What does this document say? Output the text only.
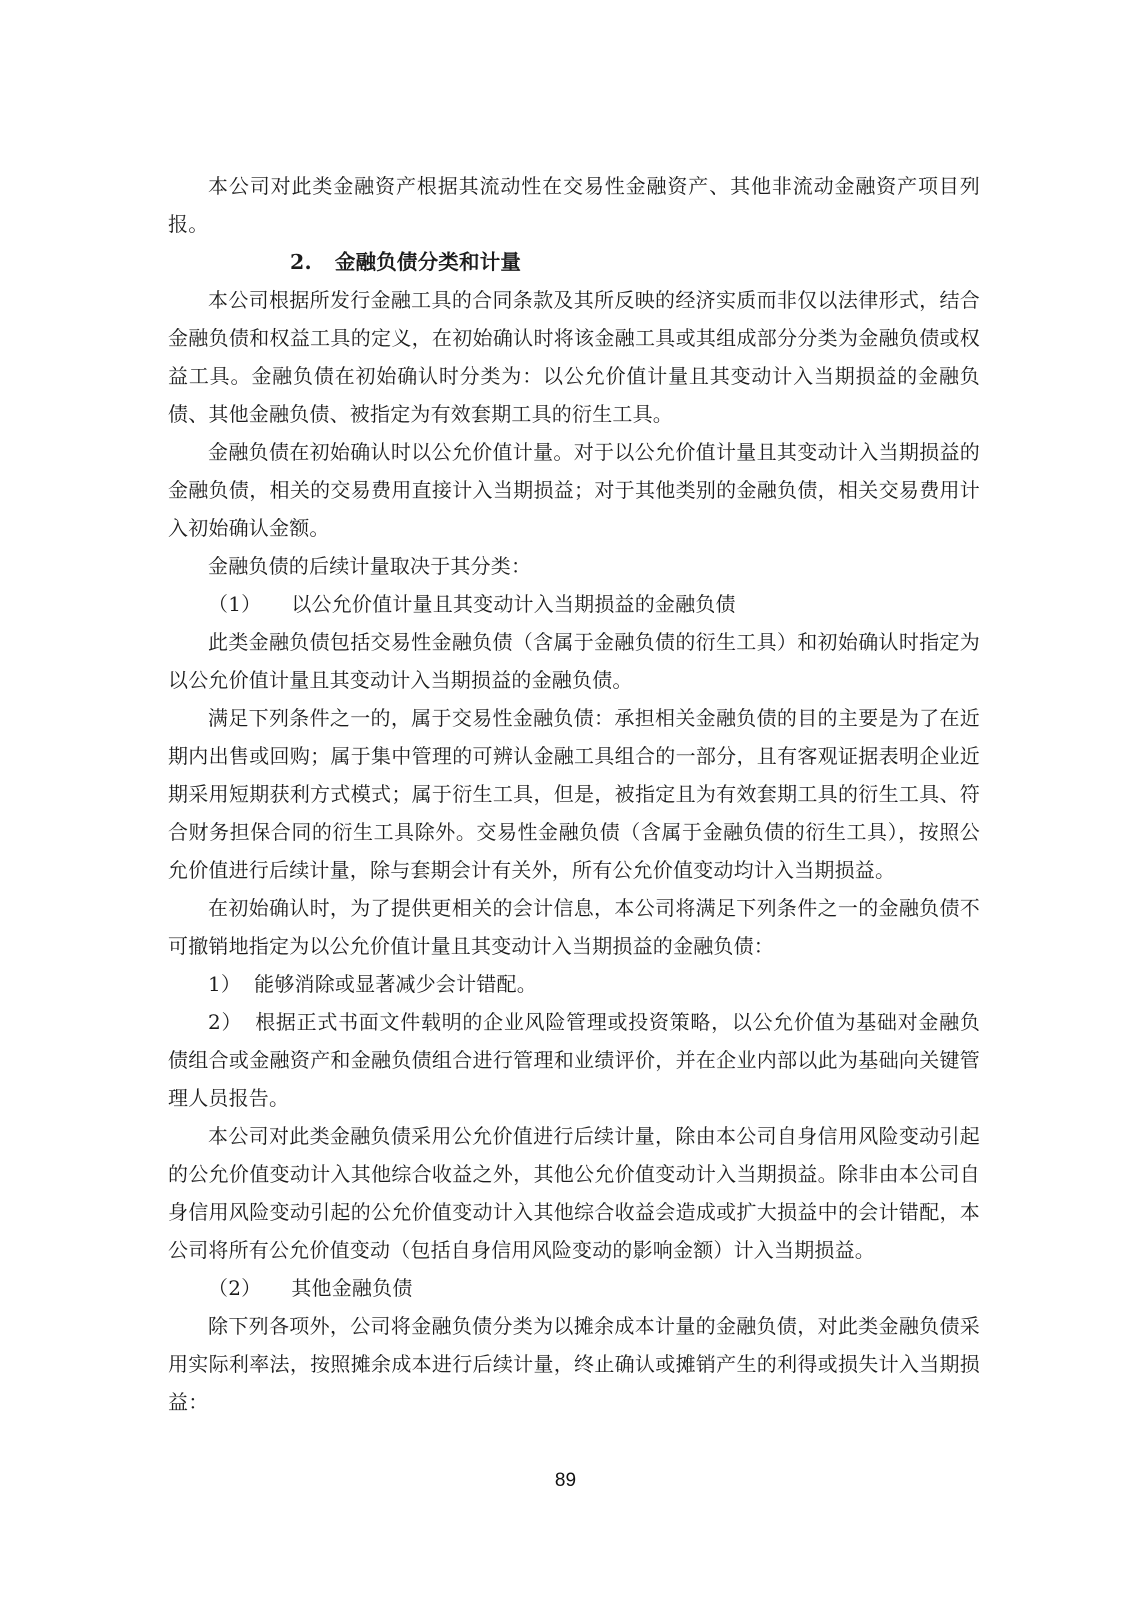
本公司对此类金融资产根据其流动性在交易性金融资产、其他非流动金融资产项目列报。

2. 金融负债分类和计量

本公司根据所发行金融工具的合同条款及其所反映的经济实质而非仅以法律形式，结合金融负债和权益工具的定义，在初始确认时将该金融工具或其组成部分分类为金融负债或权益工具。金融负债在初始确认时分类为：以公允价值计量且其变动计入当期损益的金融负债、其他金融负债、被指定为有效套期工具的衍生工具。

金融负债在初始确认时以公允价值计量。对于以公允价值计量且其变动计入当期损益的金融负债，相关的交易费用直接计入当期损益；对于其他类别的金融负债，相关交易费用计入初始确认金额。

金融负债的后续计量取决于其分类：

（1） 以公允价值计量且其变动计入当期损益的金融负债

此类金融负债包括交易性金融负债（含属于金融负债的衍生工具）和初始确认时指定为以公允价值计量且其变动计入当期损益的金融负债。

满足下列条件之一的，属于交易性金融负债：承担相关金融负债的目的主要是为了在近期内出售或回购；属于集中管理的可辨认金融工具组合的一部分，且有客观证据表明企业近期采用短期获利方式模式；属于衍生工具，但是，被指定且为有效套期工具的衍生工具、符合财务担保合同的衍生工具除外。交易性金融负债（含属于金融负债的衍生工具），按照公允价值进行后续计量，除与套期会计有关外，所有公允价值变动均计入当期损益。

在初始确认时，为了提供更相关的会计信息，本公司将满足下列条件之一的金融负债不可撤销地指定为以公允价值计量且其变动计入当期损益的金融负债：

1） 能够消除或显著减少会计错配。

2） 根据正式书面文件载明的企业风险管理或投资策略，以公允价值为基础对金融负债组合或金融资产和金融负债组合进行管理和业绩评价，并在企业内部以此为基础向关键管理人员报告。

本公司对此类金融负债采用公允价值进行后续计量，除由本公司自身信用风险变动引起的公允价值变动计入其他综合收益之外，其他公允价值变动计入当期损益。除非由本公司自身信用风险变动引起的公允价值变动计入其他综合收益会造成或扩大损益中的会计错配，本公司将所有公允价值变动（包括自身信用风险变动的影响金额）计入当期损益。

（2） 其他金融负债

除下列各项外，公司将金融负债分类为以摊余成本计量的金融负债，对此类金融负债采用实际利率法，按照摊余成本进行后续计量，终止确认或摊销产生的利得或损失计入当期损益：

89
